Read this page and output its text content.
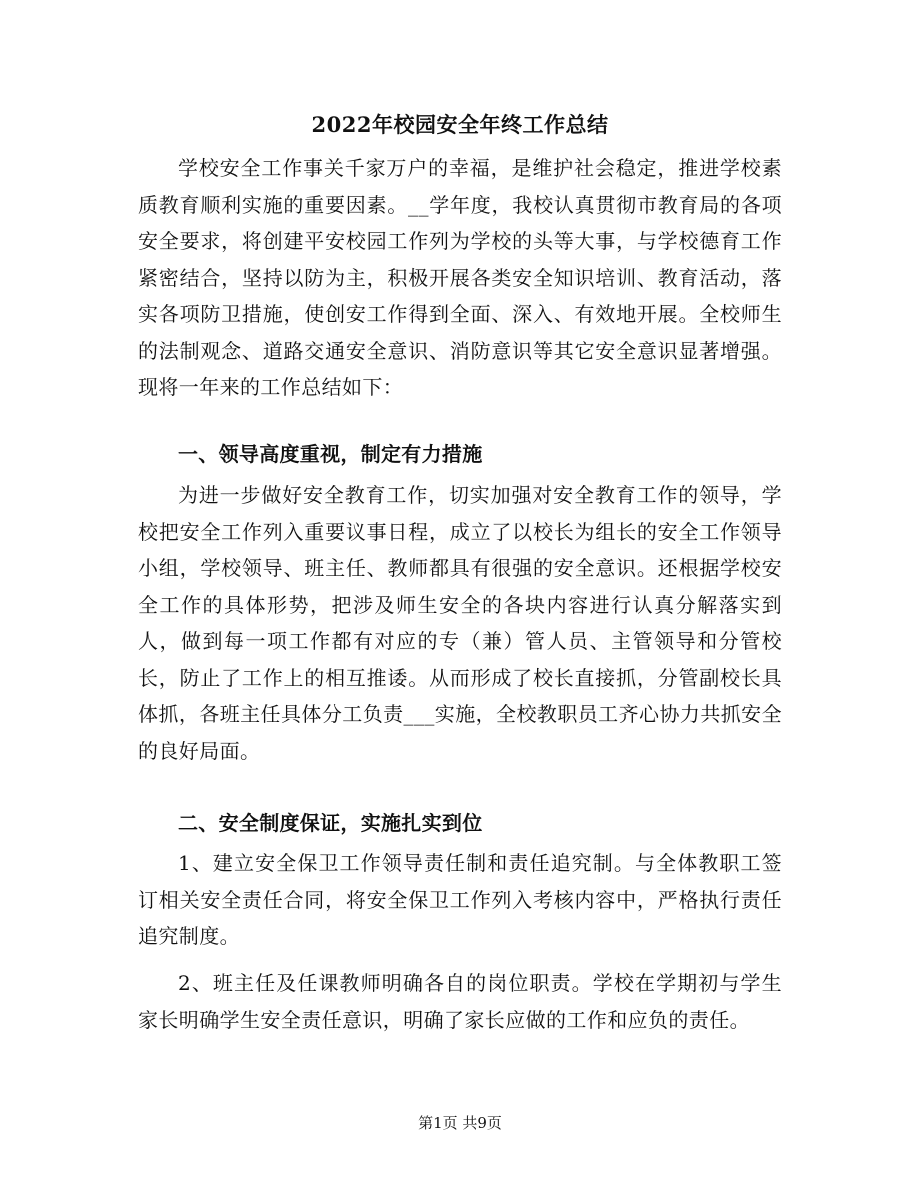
2022年校园安全年终工作总结

学校安全工作事关千家万户的幸福，是维护社会稳定，推进学校素质教育顺利实施的重要因素。__学年度，我校认真贯彻市教育局的各项安全要求，将创建平安校园工作列为学校的头等大事，与学校德育工作紧密结合，坚持以防为主，积极开展各类安全知识培训、教育活动，落实各项防卫措施，使创安工作得到全面、深入、有效地开展。全校师生的法制观念、道路交通安全意识、消防意识等其它安全意识显著增强。现将一年来的工作总结如下：

一、领导高度重视，制定有力措施

为进一步做好安全教育工作，切实加强对安全教育工作的领导，学校把安全工作列入重要议事日程，成立了以校长为组长的安全工作领导小组，学校领导、班主任、教师都具有很强的安全意识。还根据学校安全工作的具体形势，把涉及师生安全的各块内容进行认真分解落实到人，做到每一项工作都有对应的专（兼）管人员、主管领导和分管校长，防止了工作上的相互推诿。从而形成了校长直接抓，分管副校长具体抓，各班主任具体分工负责___实施，全校教职员工齐心协力共抓安全的良好局面。

二、安全制度保证，实施扎实到位

1、建立安全保卫工作领导责任制和责任追究制。与全体教职工签订相关安全责任合同，将安全保卫工作列入考核内容中，严格执行责任追究制度。

2、班主任及任课教师明确各自的岗位职责。学校在学期初与学生家长明确学生安全责任意识，明确了家长应做的工作和应负的责任。

第1页 共9页
